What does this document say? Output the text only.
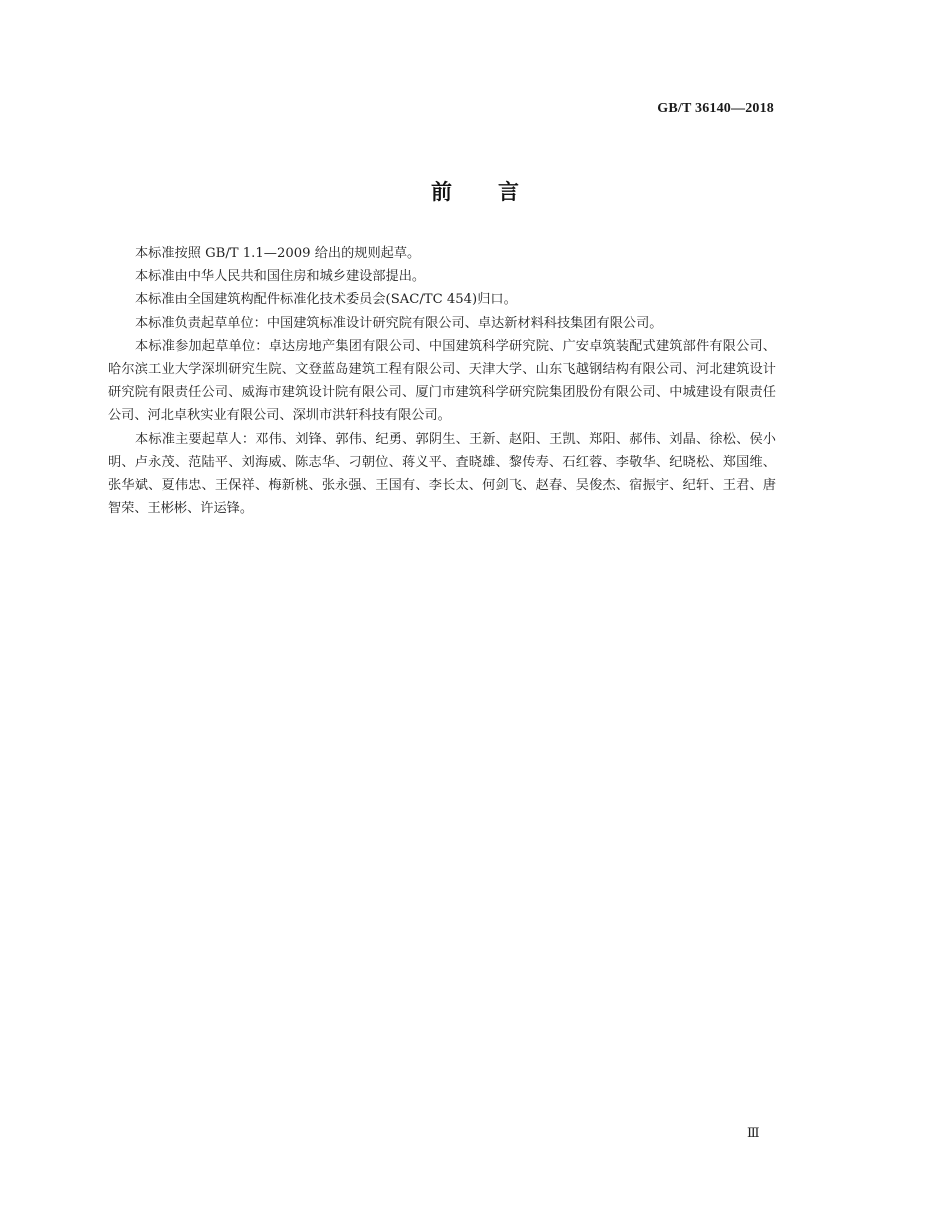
GB/T 36140—2018
前言

本标准按照 GB/T 1.1—2009 给出的规则起草。

本标准由中华人民共和国住房和城乡建设部提出。

本标准由全国建筑构配件标准化技术委员会(SAC/TC 454)归口。

本标准负责起草单位：中国建筑标准设计研究院有限公司、卓达新材料科技集团有限公司。

本标准参加起草单位：卓达房地产集团有限公司、中国建筑科学研究院、广安卓筑装配式建筑部件有限公司、哈尔滨工业大学深圳研究生院、文登蓝岛建筑工程有限公司、天津大学、山东飞越钢结构有限公司、河北建筑设计研究院有限责任公司、威海市建筑设计院有限公司、厦门市建筑科学研究院集团股份有限公司、中城建设有限责任公司、河北卓秋实业有限公司、深圳市洪轩科技有限公司。

本标准主要起草人：邓伟、刘锋、郭伟、纪勇、郭阴生、王新、赵阳、王凯、郑阳、郝伟、刘晶、徐松、侯小明、卢永茂、范陆平、刘海威、陈志华、刁朝位、蒋义平、査晓雄、黎传寿、石红蓉、李敬华、纪晓松、郑国维、张华斌、夏伟忠、王保祥、梅新桃、张永强、王国有、李长太、何剑飞、赵春、吴俊杰、宿振宇、纪轩、王君、唐智荣、王彬彬、许运锋。

Ⅲ
